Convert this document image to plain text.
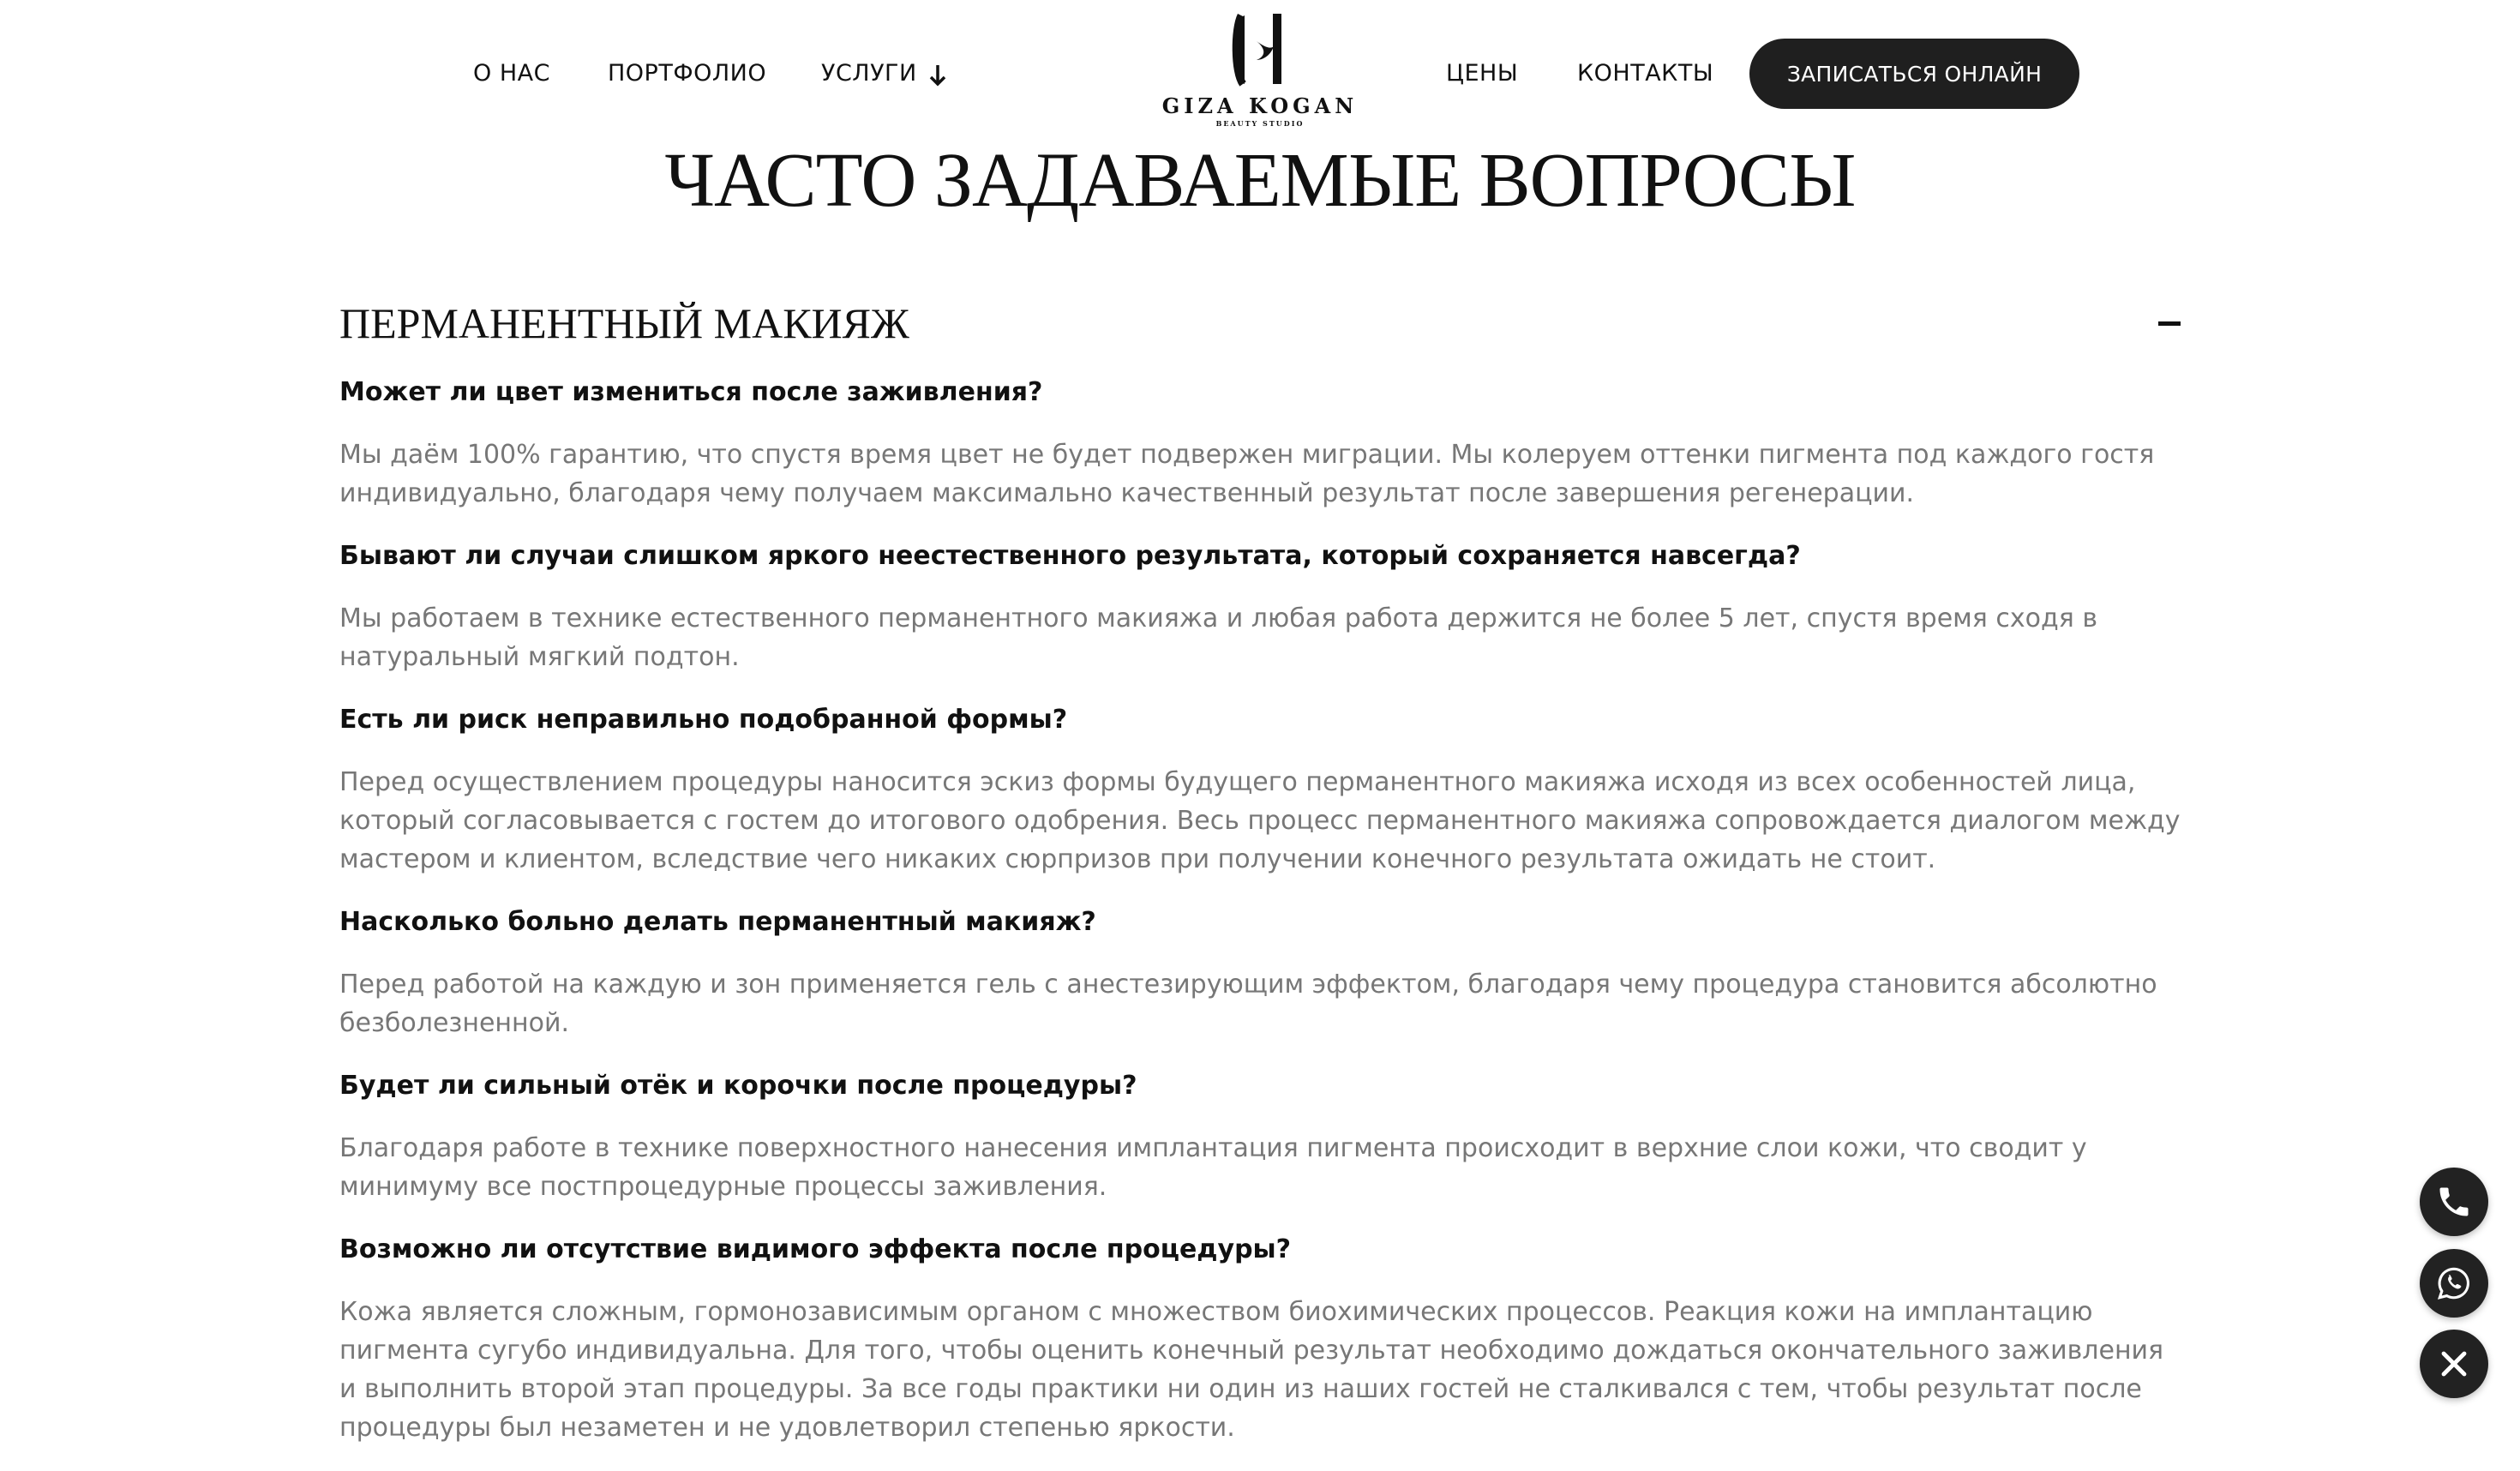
О НАС ПОРТФОЛИО УСЛУГИ
GIZA KOGAN
BEAUTY STUDIO
ЦЕНЫ	КОНТАКТЫ	ЗАПИСАТЬСЯ ОНЛАЙН
ЧАСТО ЗАДАВАЕМЫЕ ВОПРОСЫ
ПЕРМАНЕНТНЫЙ МАКИЯЖ
Может ли цвет измениться после заживления?
Мы даём 100% гарантию, что спустя время цвет не будет подвержен миграции. Мы колеруем оттенки пигмента под каждого гостя индивидуально, благодаря чему получаем максимально качественный результат после завершения регенерации.
Бывают ли случаи слишком яркого неестественного результата, который сохраняется навсегда?
Мы работаем в технике естественного перманентного макияжа и любая работа держится не более 5 лет, спустя время сходя в натуральный мягкий подтон.
Есть ли риск неправильно подобранной формы?
Перед осуществлением процедуры наносится эскиз формы будущего перманентного макияжа исходя из всех особенностей лица, который согласовывается с гостем до итогового одобрения. Весь процесс перманентного макияжа сопровождается диалогом между мастером и клиентом, вследствие чего никаких сюрпризов при получении конечного результата ожидать не стоит.
Насколько больно делать перманентный макияж?
Перед работой на каждую и зон применяется гель с анестезирующим эффектом, благодаря чему процедура становится абсолютно безболезненной.
Будет ли сильный отёк и корочки после процедуры?
Благодаря работе в технике поверхностного нанесения имплантация пигмента происходит в верхние слои кожи, что сводит у минимуму все постпроцедурные процессы заживления.
Возможно ли отсутствие видимого эффекта после процедуры?
Кожа является сложным, гормонозависимым органом с множеством биохимических процессов. Реакция кожи на имплантацию пигмента сугубо индивидуальна. Для того, чтобы оценить конечный результат необходимо дождаться окончательного заживления и выполнить второй этап процедуры. За все годы практики ни один из наших гостей не сталкивался с тем, чтобы результат после процедуры был незаметен и не удовлетворил степенью яркости.
